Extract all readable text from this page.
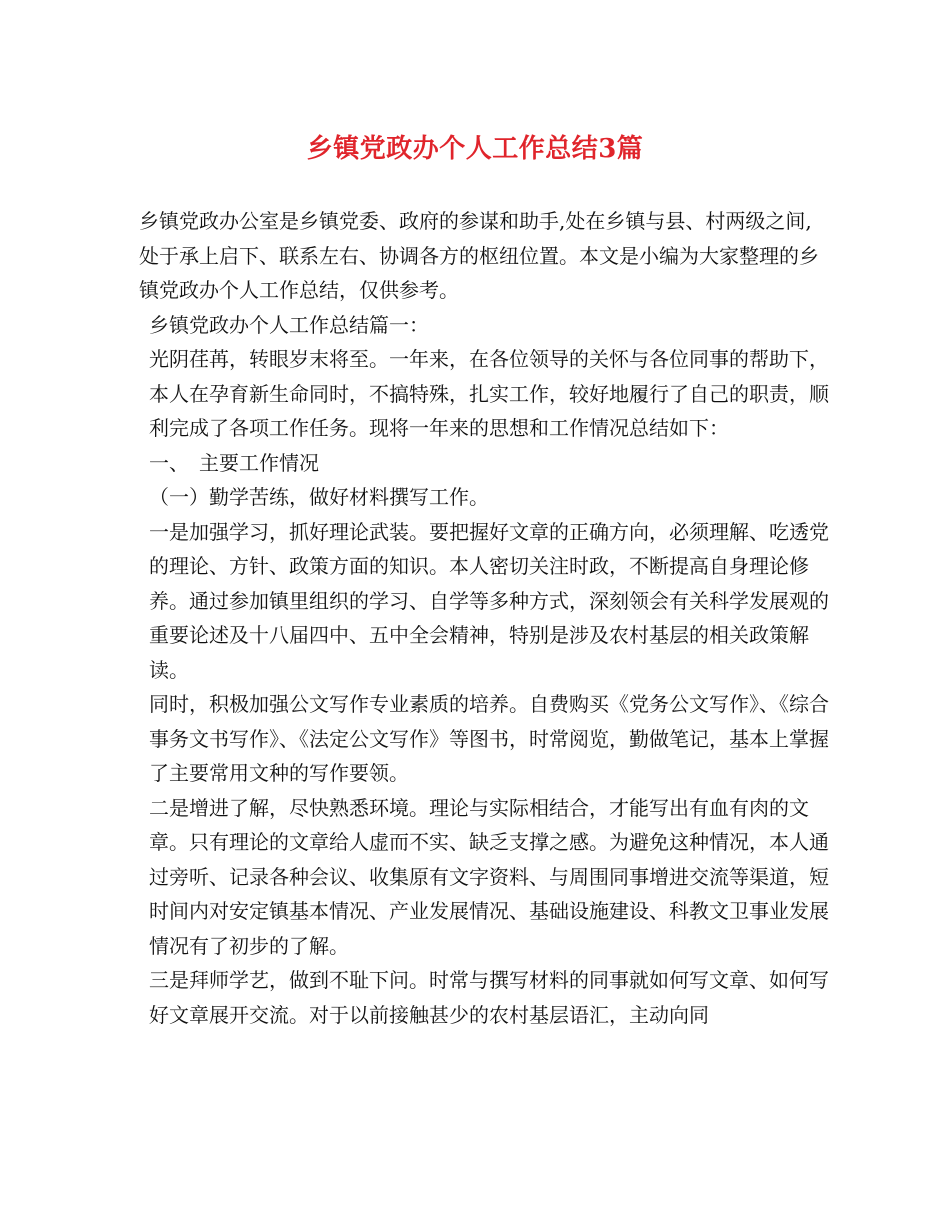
乡镇党政办个人工作总结3篇

乡镇党政办公室是乡镇党委、政府的参谋和助手,处在乡镇与县、村两级之间,处于承上启下、联系左右、协调各方的枢纽位置。本文是小编为大家整理的乡镇党政办个人工作总结，仅供参考。

乡镇党政办个人工作总结篇一：

光阴荏苒，转眼岁末将至。一年来，在各位领导的关怀与各位同事的帮助下，本人在孕育新生命同时，不搞特殊，扎实工作，较好地履行了自己的职责，顺利完成了各项工作任务。现将一年来的思想和工作情况总结如下：

一、　主要工作情况

（一）勤学苦练，做好材料撰写工作。

一是加强学习，抓好理论武装。要把握好文章的正确方向，必须理解、吃透党的理论、方针、政策方面的知识。本人密切关注时政，不断提高自身理论修养。通过参加镇里组织的学习、自学等多种方式，深刻领会有关科学发展观的重要论述及十八届四中、五中全会精神，特别是涉及农村基层的相关政策解读。

同时，积极加强公文写作专业素质的培养。自费购买《党务公文写作》、《综合事务文书写作》、《法定公文写作》等图书，时常阅览，勤做笔记，基本上掌握了主要常用文种的写作要领。

二是增进了解，尽快熟悉环境。理论与实际相结合，才能写出有血有肉的文章。只有理论的文章给人虚而不实、缺乏支撑之感。为避免这种情况，本人通过旁听、记录各种会议、收集原有文字资料、与周围同事增进交流等渠道，短时间内对安定镇基本情况、产业发展情况、基础设施建设、科教文卫事业发展情况有了初步的了解。

三是拜师学艺，做到不耻下问。时常与撰写材料的同事就如何写文章、如何写好文章展开交流。对于以前接触甚少的农村基层语汇，主动向同
